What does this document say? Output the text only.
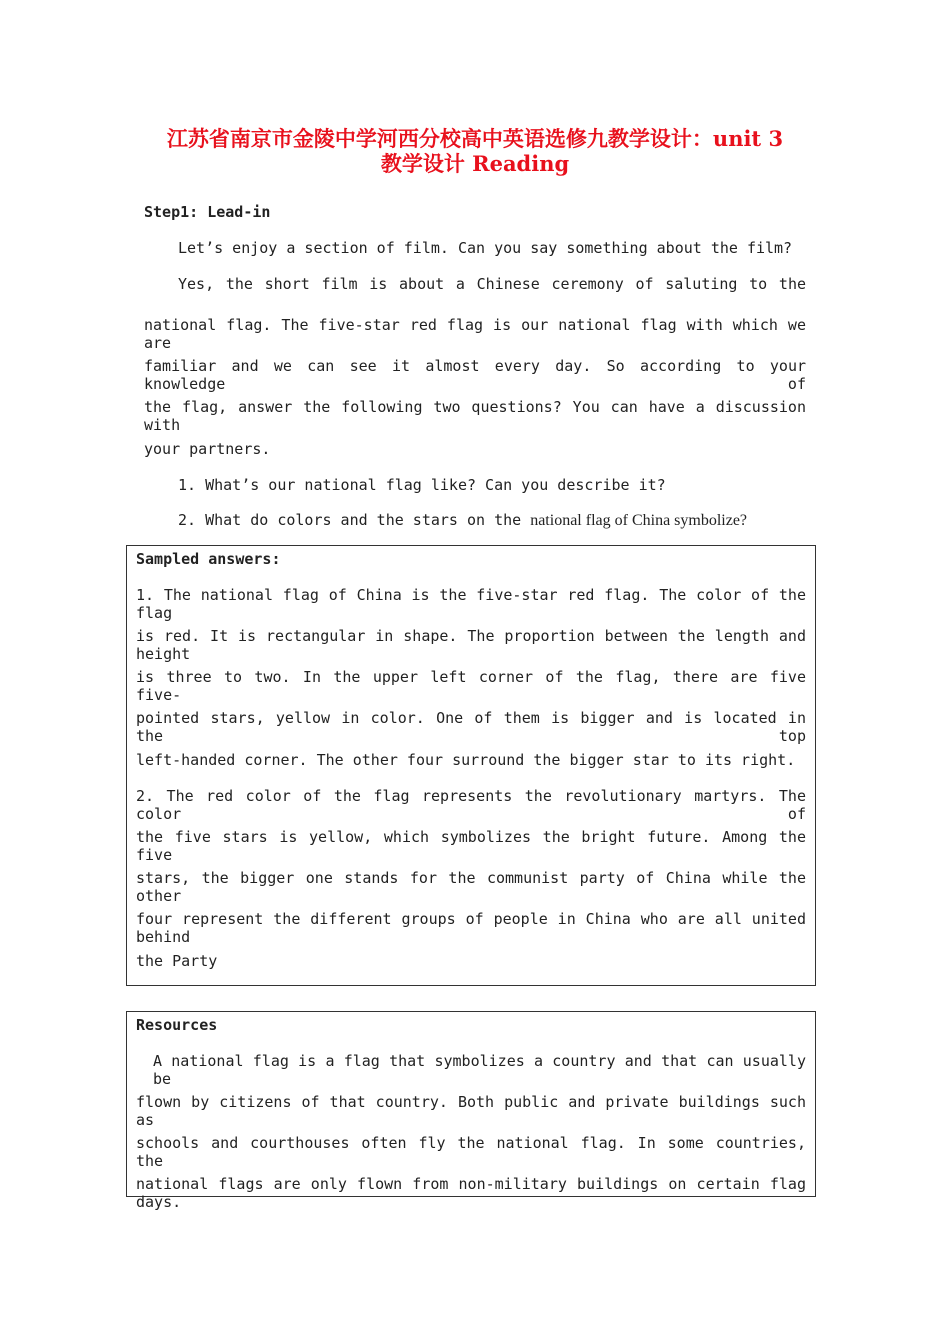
江苏省南京市金陵中学河西分校高中英语选修九教学设计：unit 3
教学设计 Reading
Step1: Lead-in
Let’s enjoy a section of film. Can you say something about the film?
Yes, the short film is about a Chinese ceremony of saluting to the
national flag. The five-star red flag is our national flag with which we are
familiar and we can see it almost every day. So according to your knowledge of
the flag, answer the following two questions? You can have a discussion with
your partners.
1. What’s our national flag like? Can you describe it?
2. What do colors and the stars on the national flag of China symbolize?
Sampled answers:
1. The national flag of China is the five-star red flag. The color of the flag
is red. It is rectangular in shape. The proportion between the length and height
is three to two. In the upper left corner of the flag, there are five five-
pointed stars, yellow in color. One of them is bigger and is located in the top
left-handed corner. The other four surround the bigger star to its right.
2. The red color of the flag represents the revolutionary martyrs. The color of
the five stars is yellow, which symbolizes the bright future. Among the five
stars, the bigger one stands for the communist party of China while the other
four represent the different groups of people in China who are all united behind
the Party
Resources
A national flag is a flag that symbolizes a country and that can usually be
flown by citizens of that country. Both public and private buildings such as
schools and courthouses often fly the national flag. In some countries, the
national flags are only flown from non-military buildings on certain flag days.
